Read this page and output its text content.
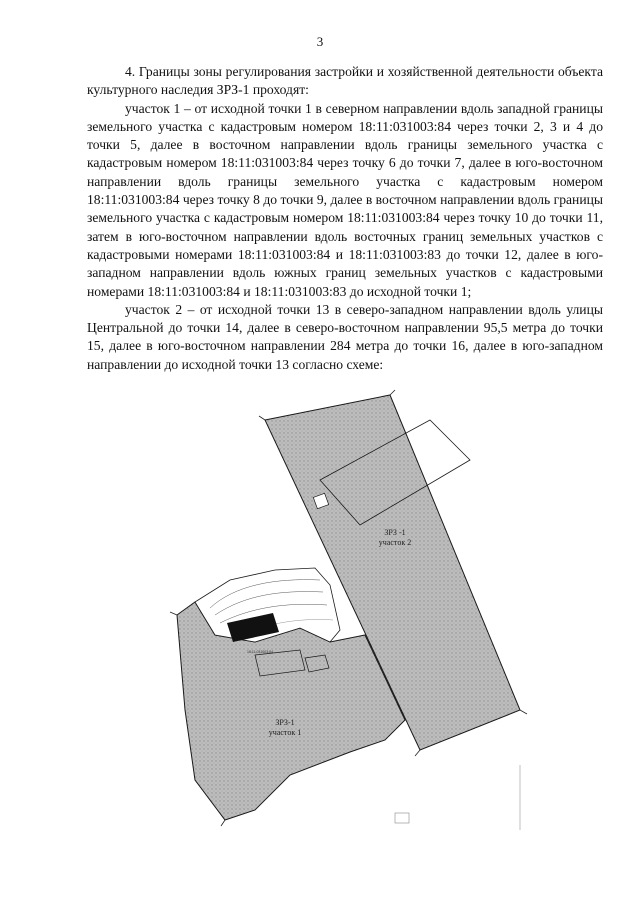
3

4. Границы зоны регулирования застройки и хозяйственной деятельности объекта культурного наследия ЗРЗ-1 проходят:

участок 1 – от исходной точки 1 в северном направлении вдоль западной границы земельного участка с кадастровым номером 18:11:031003:84 через точки 2, 3 и 4 до точки 5, далее в восточном направлении вдоль границы земельного участка с кадастровым номером 18:11:031003:84 через точку 6 до точки 7, далее в юго-восточном направлении вдоль границы земельного участка с кадастровым номером 18:11:031003:84 через точку 8 до точки 9, далее в восточном направлении вдоль границы земельного участка с кадастровым номером 18:11:031003:84 через точку 10 до точки 11, затем в юго-восточном направлении вдоль восточных границ земельных участков с кадастровыми номерами 18:11:031003:84 и 18:11:031003:83 до точки 12, далее в юго-западном направлении вдоль южных границ земельных участков с кадастровыми номерами 18:11:031003:84 и 18:11:031003:83 до исходной точки 1;

участок 2 – от исходной точки 13 в северо-западном направлении вдоль улицы Центральной до точки 14, далее в северо-восточном направлении 95,5 метра до точки 15, далее в юго-восточном направлении 284 метра до точки 16, далее в юго-западном направлении до исходной точки 13 согласно схеме:

ЗРЗ -1
участок 2
18:11:031003:84
ЗРЗ-1
участок 1
